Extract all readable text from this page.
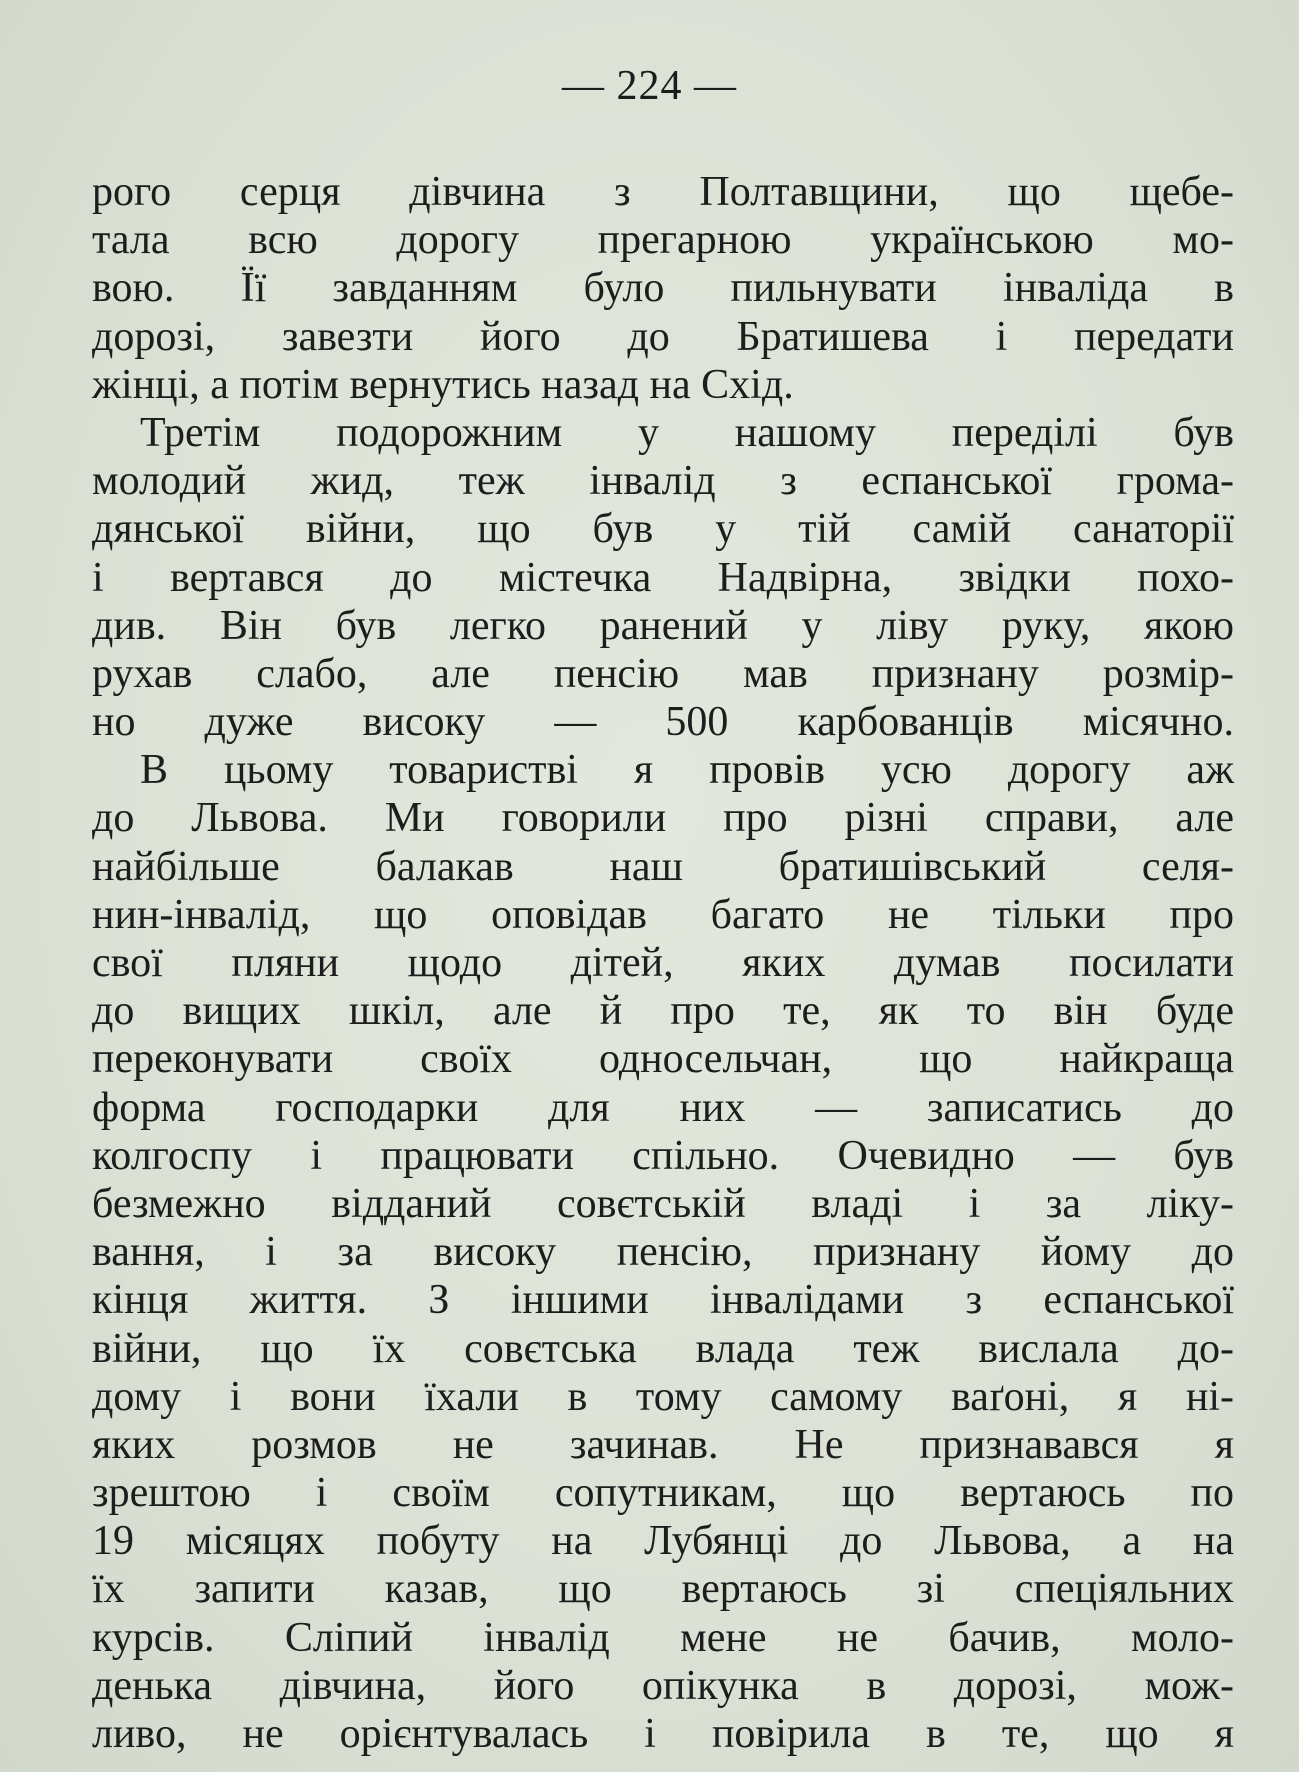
— 224 —
рого серця дівчина з Полтавщини, що щебе-
тала всю дорогу прегарною українською мо-
вою. Її завданням було пильнувати інваліда в
дорозі, завезти його до Братишева і передати
жінці, а потім вернутись назад на Схід.
Третім подорожним у нашому переділі був
молодий жид, теж інвалід з еспанської грома-
дянської війни, що був у тій самій санаторії
і вертався до містечка Надвірна, звідки похо-
див. Він був легко ранений у ліву руку, якою
рухав слабо, але пенсію мав признану розмір-
но дуже високу — 500 карбованців місячно.
В цьому товаристві я провів усю дорогу аж
до Львова. Ми говорили про різні справи, але
найбільше балакав наш братишівський селя-
нин-інвалід, що оповідав багато не тільки про
свої пляни щодо дітей, яких думав посилати
до вищих шкіл, але й про те, як то він буде
переконувати своїх односельчан, що найкраща
форма господарки для них — записатись до
колгоспу і працювати спільно. Очевидно — був
безмежно відданий совєтській владі і за ліку-
вання, і за високу пенсію, признану йому до
кінця життя. З іншими інвалідами з еспанської
війни, що їх совєтська влада теж вислала до-
дому і вони їхали в тому самому ваґоні, я ні-
яких розмов не зачинав. Не признавався я
зрештою і своїм сопутникам, що вертаюсь по
19 місяцях побуту на Лубянці до Львова, а на
їх запити казав, що вертаюсь зі спеціяльних
курсів. Сліпий інвалід мене не бачив, моло-
денька дівчина, його опікунка в дорозі, мож-
ливо, не орієнтувалась і повірила в те, що я
